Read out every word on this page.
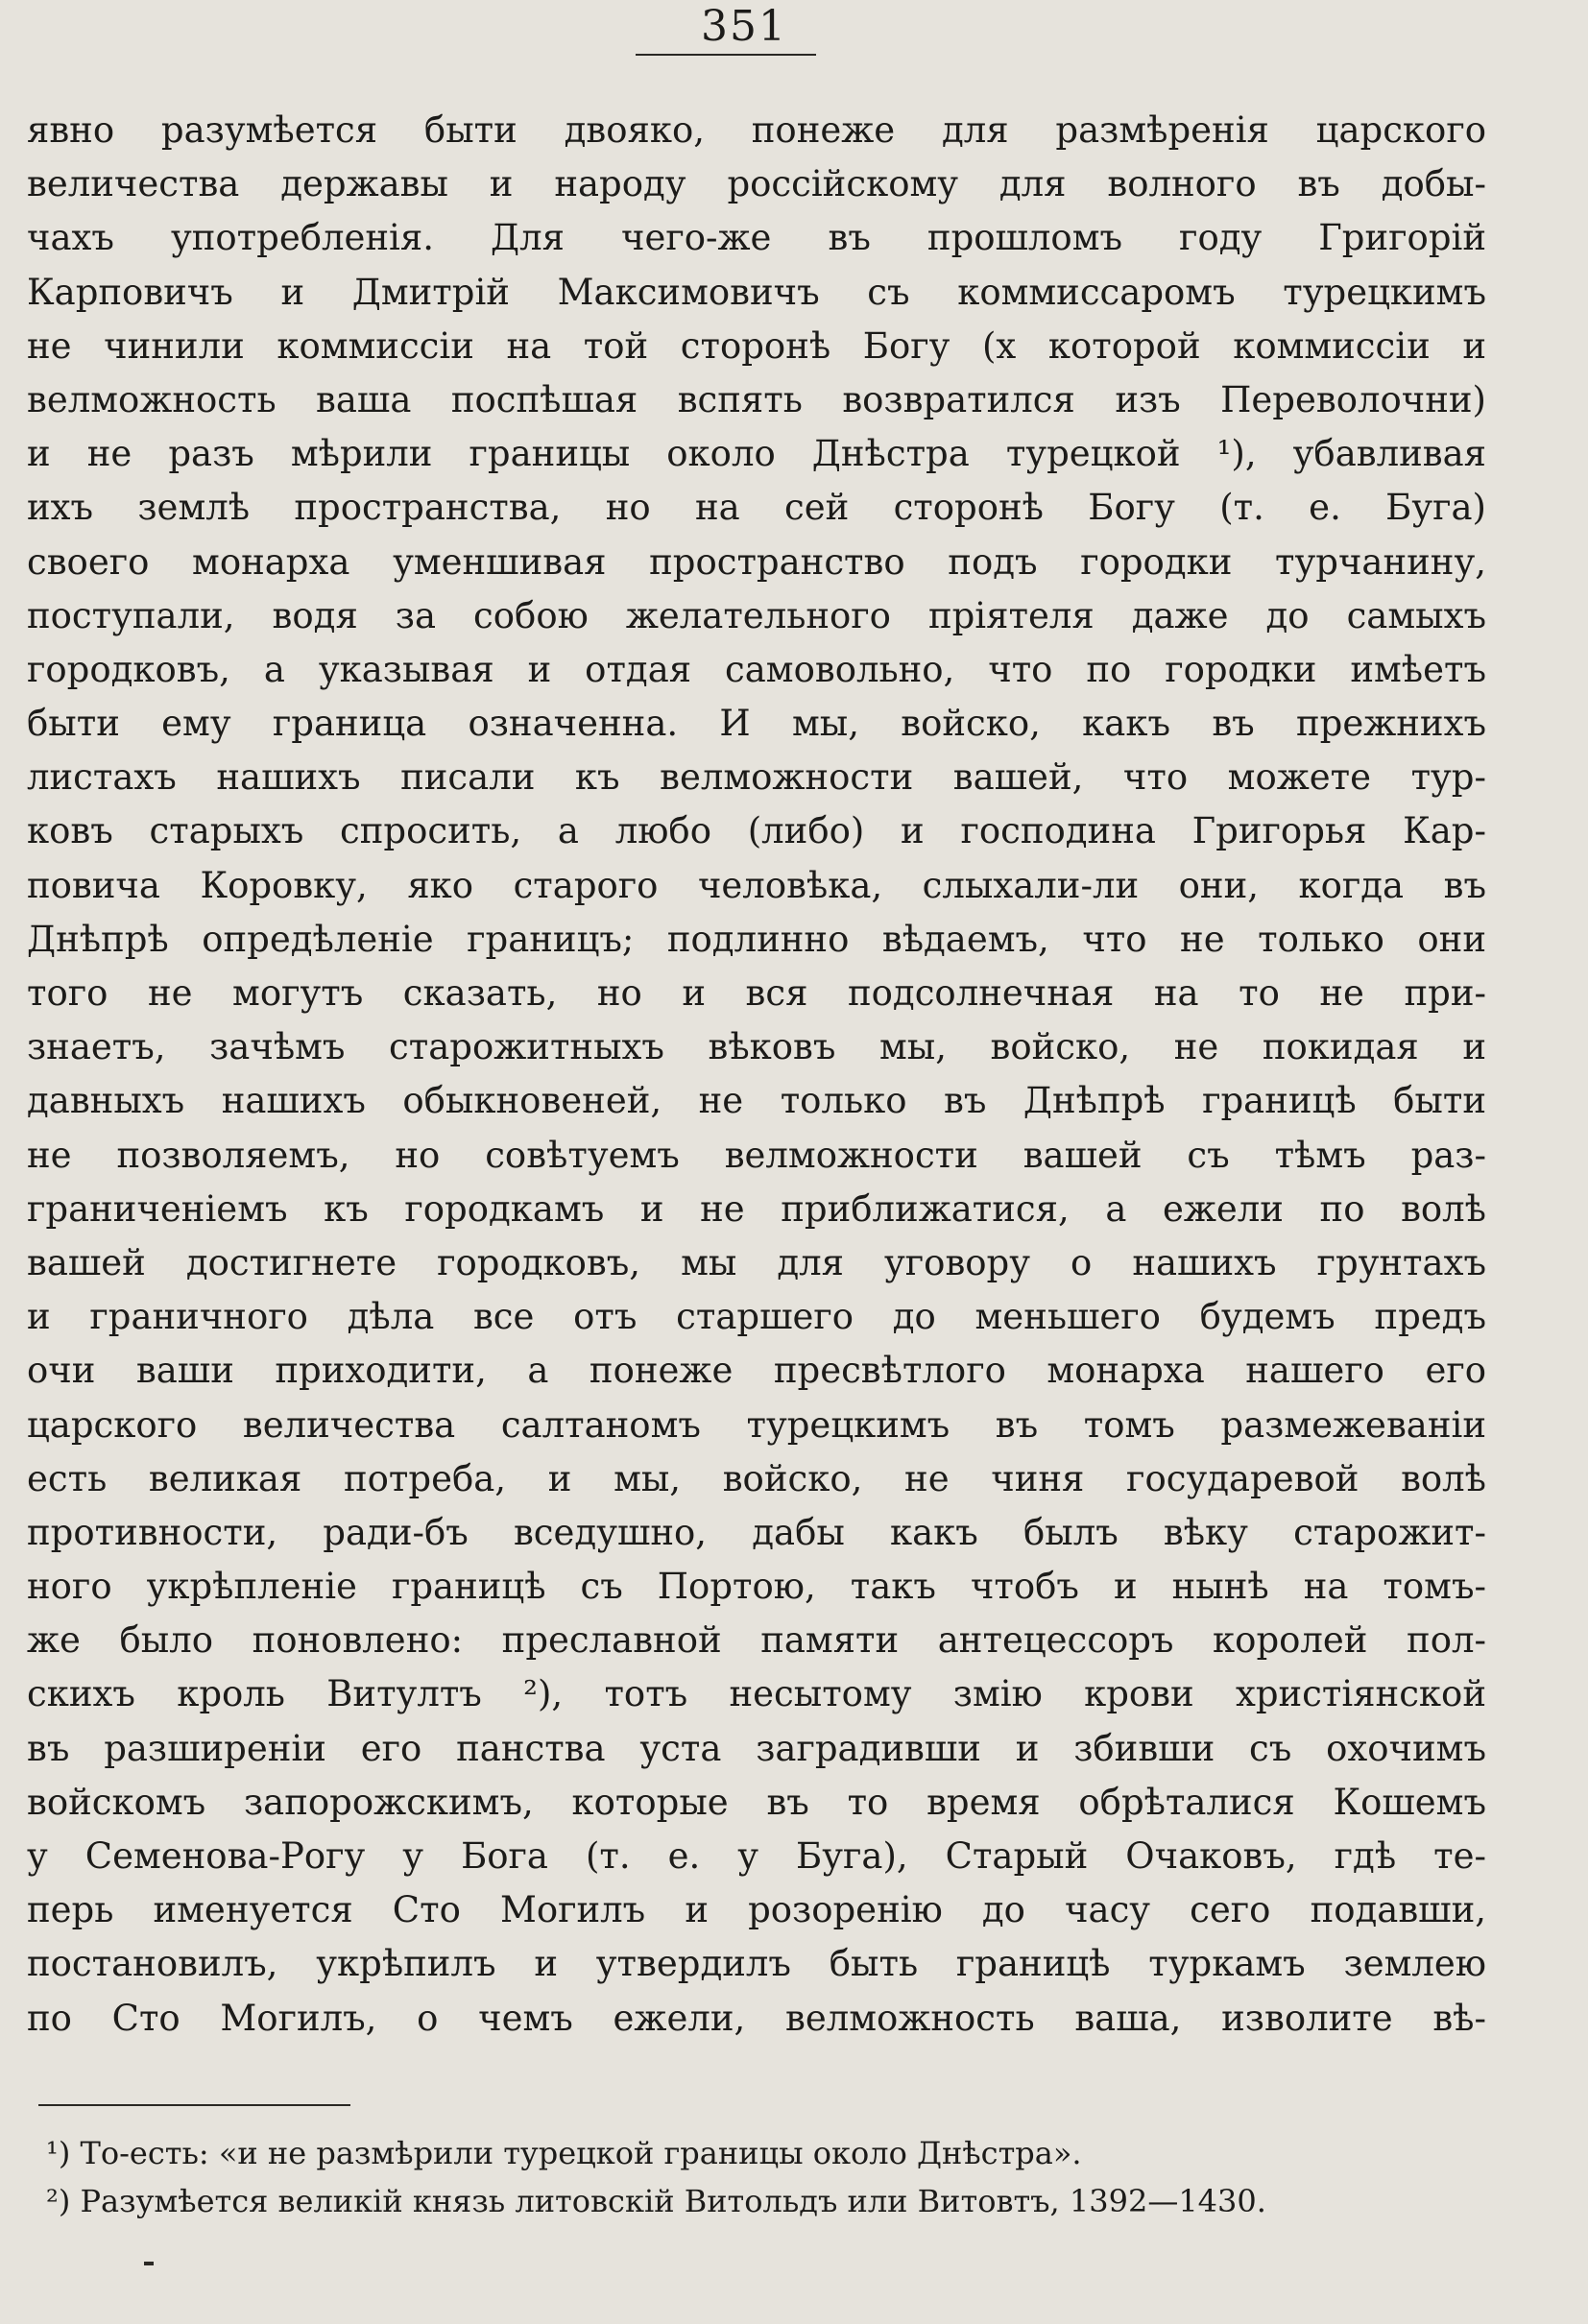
351
явно разумѣется быти двояко, понеже для размѣренія царского
величества державы и народу россійскому для волного въ добы-
чахъ употребленія. Для чего-же въ прошломъ году Григорій
Карповичъ и Дмитрій Максимовичъ съ коммиссаромъ турецкимъ
не чинили коммиссіи на той сторонѣ Богу (х которой коммиссіи и
велможность ваша поспѣшая вспять возвратился изъ Переволочни)
и не разъ мѣрили границы около Днѣстра турецкой ¹), убавливая
ихъ землѣ пространства, но на сей сторонѣ Богу (т. е. Буга)
своего монарха уменшивая пространство подъ городки турчанину,
поступали, водя за собою желательного пріятеля даже до самыхъ
городковъ, а указывая и отдая самовольно, что по городки имѣетъ
быти ему граница означенна. И мы, войско, какъ въ прежнихъ
листахъ нашихъ писали къ велможности вашей, что можете тур-
ковъ старыхъ спросить, а любо (либо) и господина Григорья Кар-
повича Коровку, яко старого человѣка, слыхали-ли они, когда въ
Днѣпрѣ опредѣленіе границъ; подлинно вѣдаемъ, что не только они
того не могутъ сказать, но и вся подсолнечная на то не при-
знаетъ, зачѣмъ старожитныхъ вѣковъ мы, войско, не покидая и
давныхъ нашихъ обыкновеней, не только въ Днѣпрѣ границѣ быти
не позволяемъ, но совѣтуемъ велможности вашей съ тѣмъ раз-
граниченіемъ къ городкамъ и не приближатися, а ежели по волѣ
вашей достигнете городковъ, мы для уговору о нашихъ грунтахъ
и граничного дѣла все отъ старшего до меньшего будемъ предъ
очи ваши приходити, а понеже пресвѣтлого монарха нашего его
царского величества салтаномъ турецкимъ въ томъ размежеваніи
есть великая потреба, и мы, войско, не чиня государевой волѣ
противности, ради-бъ вседушно, дабы какъ былъ вѣку старожит-
ного укрѣпленіе границѣ съ Портою, такъ чтобъ и нынѣ на томъ-
же было поновлено: преславной памяти антецессоръ королей пол-
скихъ кроль Витултъ ²), тотъ несытому змію крови христіянской
въ разширеніи его панства уста заградивши и збивши съ охочимъ
войскомъ запорожскимъ, которые въ то время обрѣталися Кошемъ
у Семенова-Рогу у Бога (т. е. у Буга), Старый Очаковъ, гдѣ те-
перь именуется Сто Могилъ и розоренію до часу сего подавши,
постановилъ, укрѣпилъ и утвердилъ быть границѣ туркамъ землею
по Сто Могилъ, о чемъ ежели, велможность ваша, изволите вѣ-
¹) То-есть: «и не размѣрили турецкой границы около Днѣстра».
²) Разумѣется великій князь литовскій Витольдъ или Витовтъ, 1392—1430.
